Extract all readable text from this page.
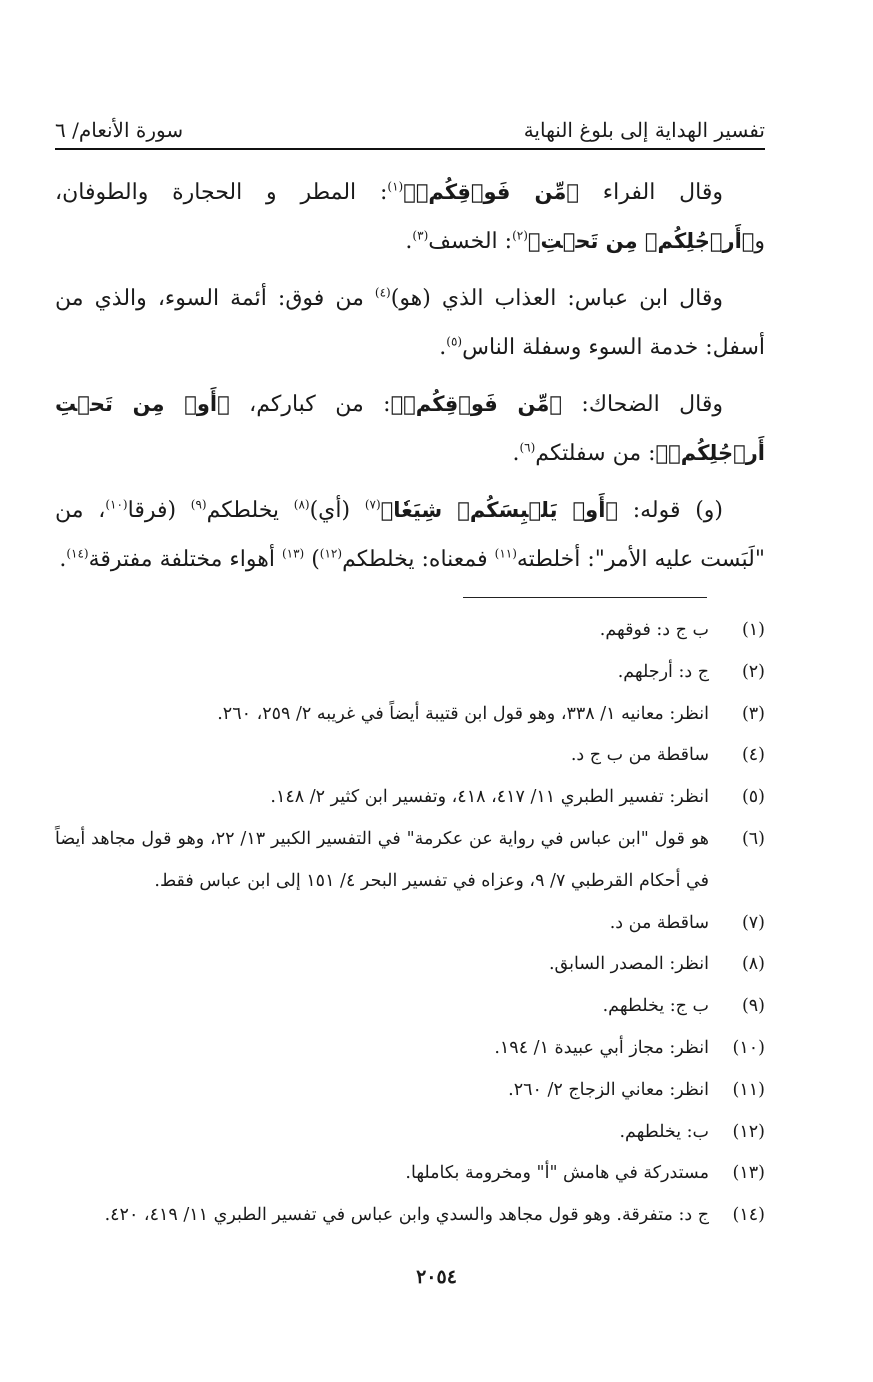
تفسير الهداية إلى بلوغ النهاية
سورة الأنعام/ ٦

وقال الفراء ﴿مِّن فَوۡقِكُمۡ﴾$^{(١)}$: المطر و الحجارة والطوفان، و﴿أَرۡجُلِكُمۡ مِن تَحۡتِ﴾$^{(٢)}$: الخسف$^{(٣)}$.

وقال ابن عباس: العذاب الذي (هو)$^{(٤)}$ من فوق: أئمة السوء، والذي من أسفل: خدمة السوء وسفلة الناس$^{(٥)}$.

وقال الضحاك: ﴿مِّن فَوۡقِكُمۡ﴾: من كباركم، ﴿أَوۡ مِن تَحۡتِ أَرۡجُلِكُمۡ﴾: من سفلتكم$^{(٦)}$.

(و) قوله: ﴿أَوۡ يَلۡبِسَكُمۡ شِيَعٗا﴾$^{(٧)}$ (أي)$^{(٨)}$ يخلطكم$^{(٩)}$ (فرقا$^{(١٠)}$، من "لَبَست عليه الأمر": أخلطته$^{(١١)}$ فمعناه: يخلطكم$^{(١٢)}$) $^{(١٣)}$ أهواء مختلفة مفترقة$^{(١٤)}$.

(١)
ب ج د: فوقهم.
(٢)
ج د: أرجلهم.
(٣)
انظر: معانيه ١/ ٣٣٨، وهو قول ابن قتيبة أيضاً في غريبه ٢/ ٢٥٩، ٢٦٠.
(٤)
ساقطة من ب ج د.
(٥)
انظر: تفسير الطبري ١١/ ٤١٧، ٤١٨، وتفسير ابن كثير ٢/ ١٤٨.
(٦)
هو قول "ابن عباس في رواية عن عكرمة" في التفسير الكبير ١٣/ ٢٢، وهو قول مجاهد أيضاً في أحكام القرطبي ٧/ ٩، وعزاه في تفسير البحر ٤/ ١٥١ إلى ابن عباس فقط.
(٧)
ساقطة من د.
(٨)
انظر: المصدر السابق.
(٩)
ب ج: يخلطهم.
(١٠)
انظر: مجاز أبي عبيدة ١/ ١٩٤.
(١١)
انظر: معاني الزجاج ٢/ ٢٦٠.
(١٢)
ب: يخلطهم.
(١٣)
مستدركة في هامش "أ" ومخرومة بكاملها.
(١٤)
ج د: متفرقة. وهو قول مجاهد والسدي وابن عباس في تفسير الطبري ١١/ ٤١٩، ٤٢٠.
٢٠٥٤
